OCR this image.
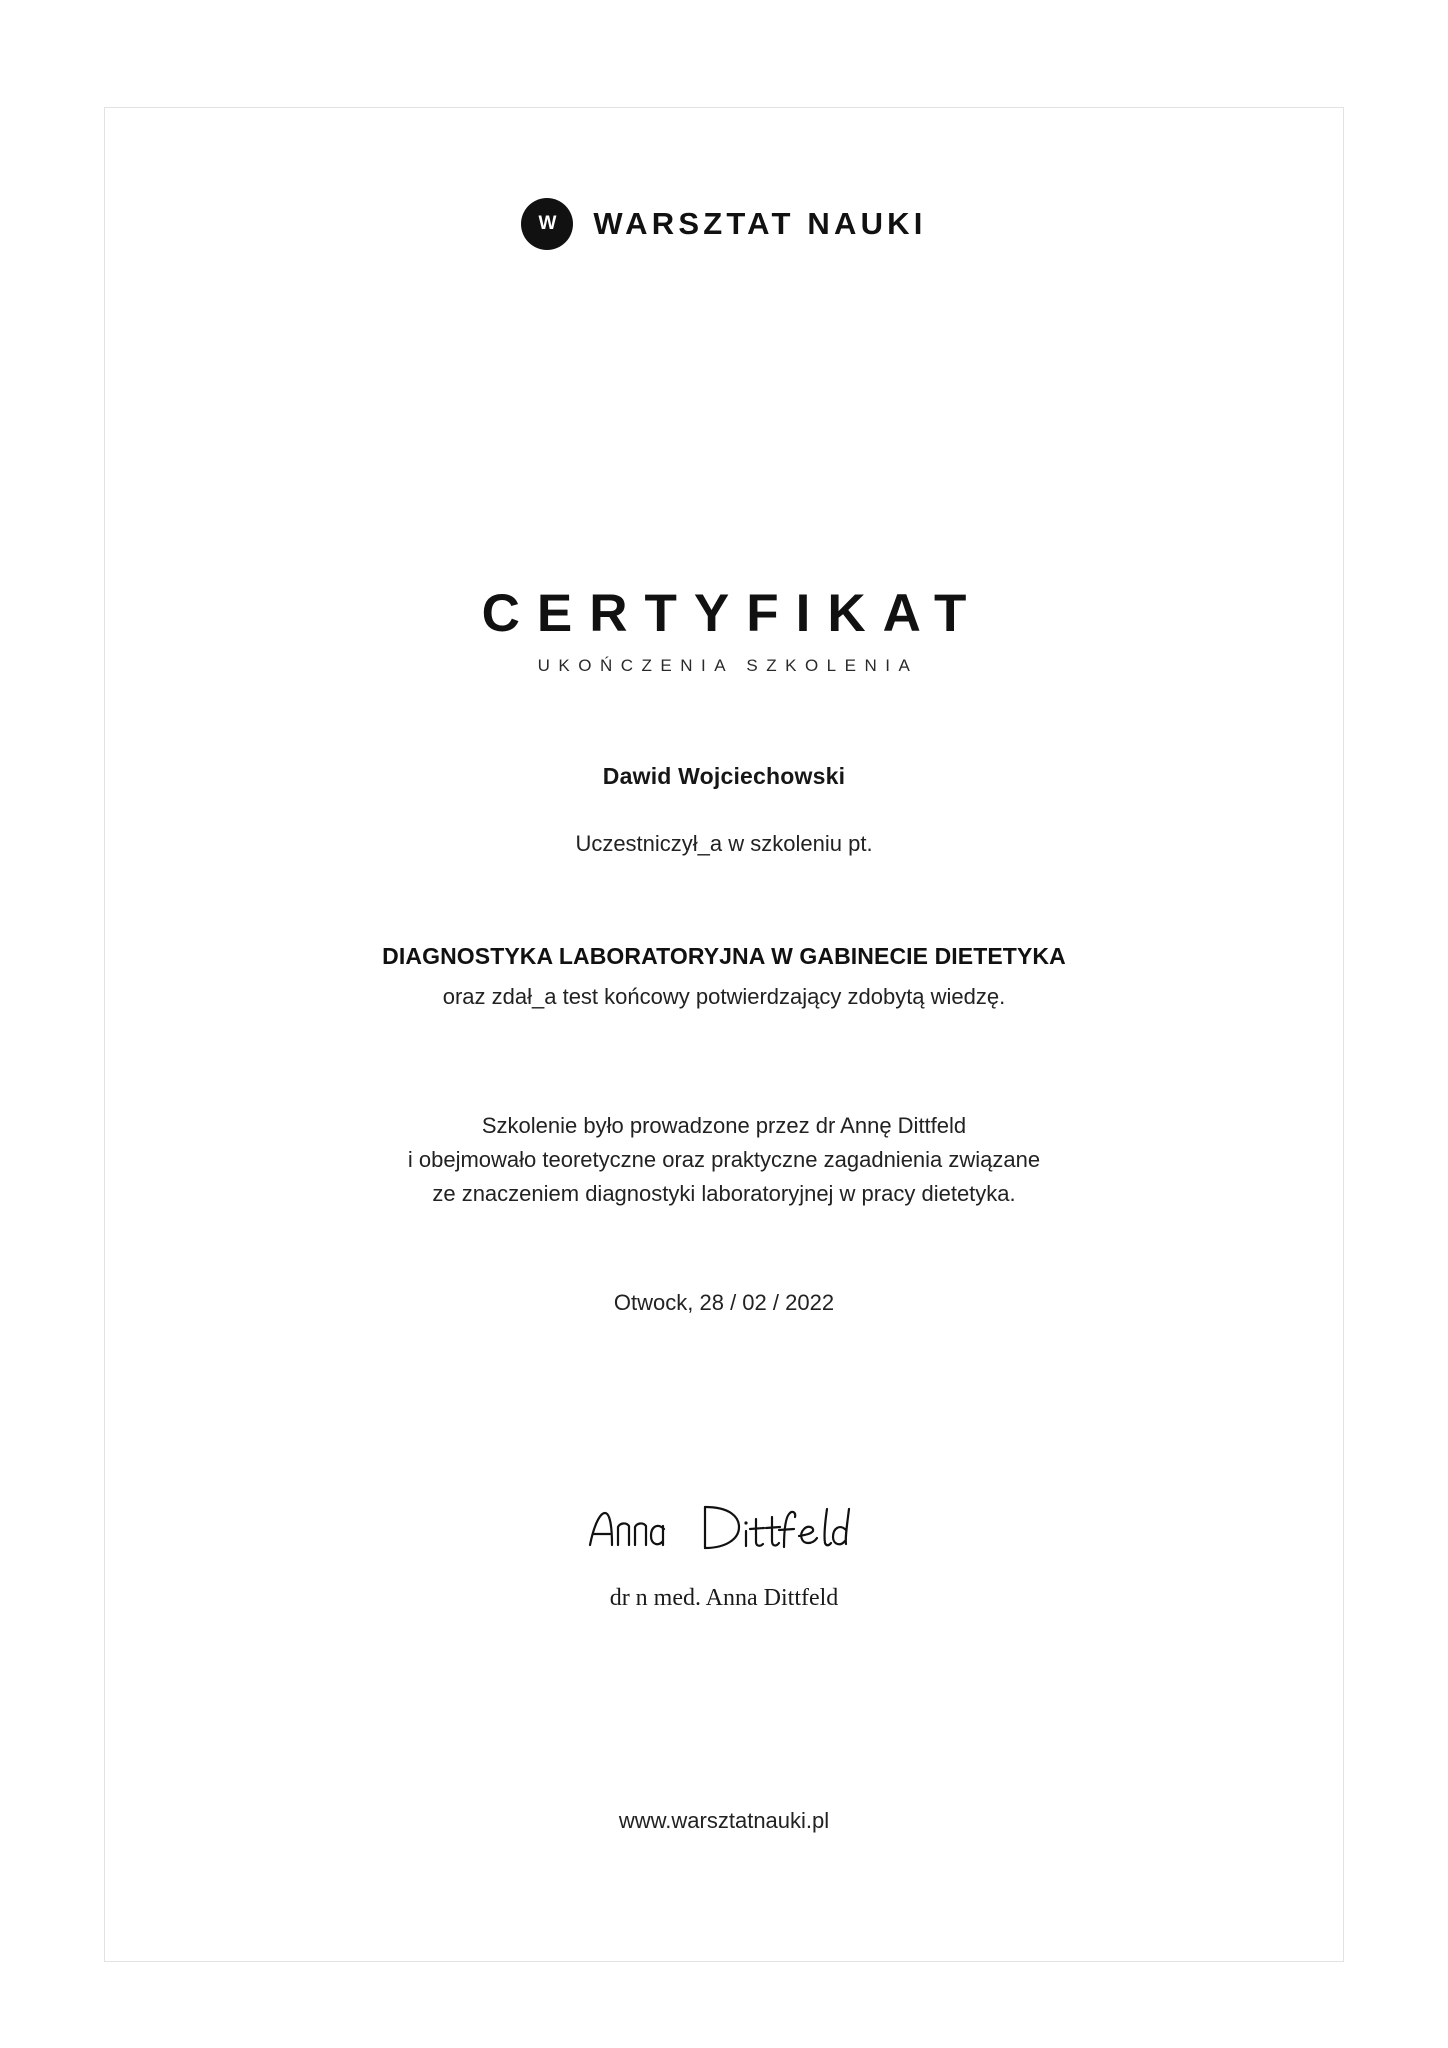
W	WARSZTAT NAUKI
CERTYFIKAT
UKOŃCZENIA SZKOLENIA
Dawid Wojciechowski
Uczestniczył_a w szkoleniu pt.
DIAGNOSTYKA LABORATORYJNA W GABINECIE DIETETYKA
oraz zdał_a test końcowy potwierdzający zdobytą wiedzę.
Szkolenie było prowadzone przez dr Annę Dittfeld
i obejmowało teoretyczne oraz praktyczne zagadnienia związane
ze znaczeniem diagnostyki laboratoryjnej w pracy dietetyka.
Otwock, 28 / 02 / 2022
dr n med. Anna Dittfeld
www.warsztatnauki.pl
